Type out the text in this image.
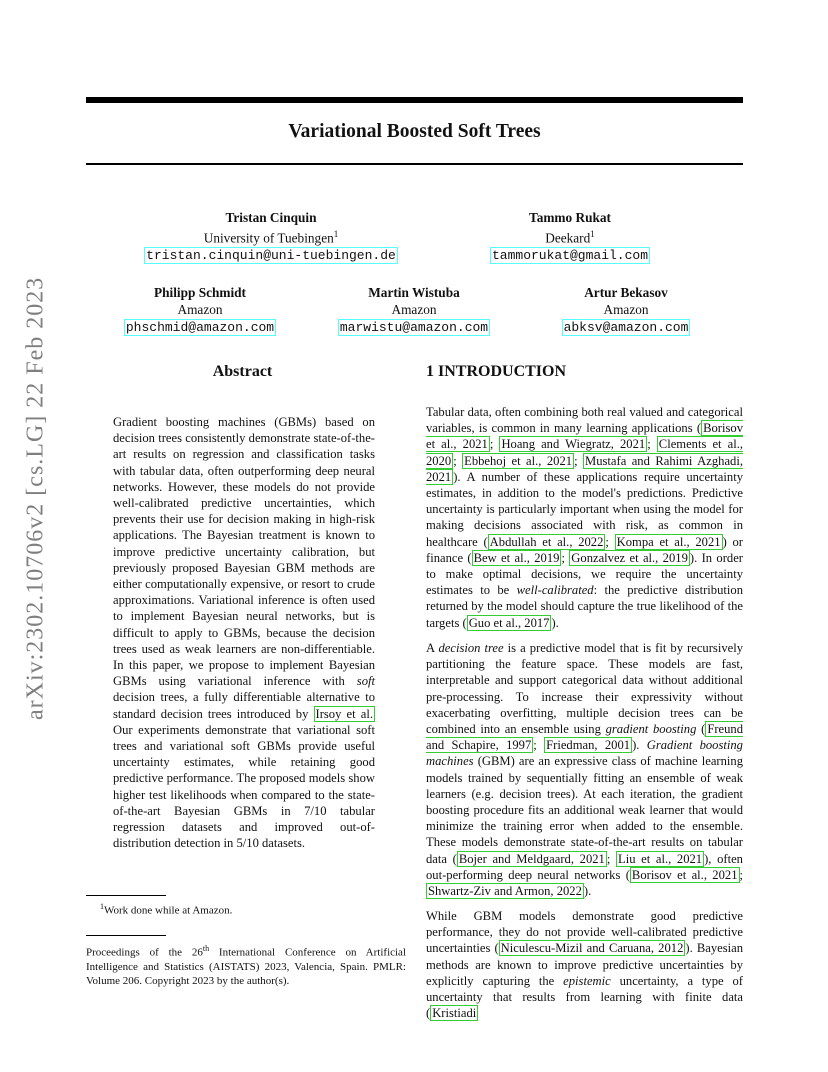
arXiv:2302.10706v2 [cs.LG] 22 Feb 2023
Variational Boosted Soft Trees
Tristan Cinquin
University of Tuebingen$^1$
tristan.cinquin@uni-tuebingen.de
Tammo Rukat
Deekard$^1$
tammorukat@gmail.com
Philipp Schmidt
Amazon
phschmid@amazon.com
Martin Wistuba
Amazon
marwistu@amazon.com
Artur Bekasov
Amazon
abksv@amazon.com
Abstract
Gradient boosting machines (GBMs) based on decision trees consistently demonstrate state-of-the-art results on regression and classification tasks with tabular data, often outperforming deep neural networks. However, these models do not provide well-calibrated predictive uncertainties, which prevents their use for decision making in high-risk applications. The Bayesian treatment is known to improve predictive uncertainty calibration, but previously proposed Bayesian GBM methods are either computationally expensive, or resort to crude approximations. Variational inference is often used to implement Bayesian neural networks, but is difficult to apply to GBMs, because the decision trees used as weak learners are non-differentiable. In this paper, we propose to implement Bayesian GBMs using variational inference with soft decision trees, a fully differentiable alternative to standard decision trees introduced by Irsoy et al. Our experiments demonstrate that variational soft trees and variational soft GBMs provide useful uncertainty estimates, while retaining good predictive performance. The proposed models show higher test likelihoods when compared to the state-of-the-art Bayesian GBMs in 7/10 tabular regression datasets and improved out-of-distribution detection in 5/10 datasets.
$^1$Work done while at Amazon.
Proceedings of the 26th International Conference on Artificial Intelligence and Statistics (AISTATS) 2023, Valencia, Spain. PMLR: Volume 206. Copyright 2023 by the author(s).
1 INTRODUCTION
Tabular data, often combining both real valued and categorical variables, is common in many learning applications ( Borisov et al., 2021 ; Hoang and Wiegratz, 2021 ; Clements et al., 2020 ; Ebbehoj et al., 2021 ; Mustafa and Rahimi Azghadi, 2021 ). A number of these applications require uncertainty estimates, in addition to the model's predictions. Predictive uncertainty is particularly important when using the model for making decisions associated with risk, as common in healthcare ( Abdullah et al., 2022 ; Kompa et al., 2021 ) or finance ( Bew et al., 2019 ; Gonzalvez et al., 2019 ). In order to make optimal decisions, we require the uncertainty estimates to be well-calibrated: the predictive distribution returned by the model should capture the true likelihood of the targets ( Guo et al., 2017 ).
A decision tree is a predictive model that is fit by recursively partitioning the feature space. These models are fast, interpretable and support categorical data without additional pre-processing. To increase their expressivity without exacerbating overfitting, multiple decision trees can be combined into an ensemble using gradient boosting ( Freund and Schapire, 1997 ; Friedman, 2001 ). Gradient boosting machines (GBM) are an expressive class of machine learning models trained by sequentially fitting an ensemble of weak learners (e.g. decision trees). At each iteration, the gradient boosting procedure fits an additional weak learner that would minimize the training error when added to the ensemble. These models demonstrate state-of-the-art results on tabular data ( Bojer and Meldgaard, 2021 ; Liu et al., 2021 ), often out-performing deep neural networks ( Borisov et al., 2021 ; Shwartz-Ziv and Armon, 2022 ).
While GBM models demonstrate good predictive performance, they do not provide well-calibrated predictive uncertainties ( Niculescu-Mizil and Caruana, 2012 ). Bayesian methods are known to improve predictive uncertainties by explicitly capturing the epistemic uncertainty, a type of uncertainty that results from learning with finite data ( Kristiadi
